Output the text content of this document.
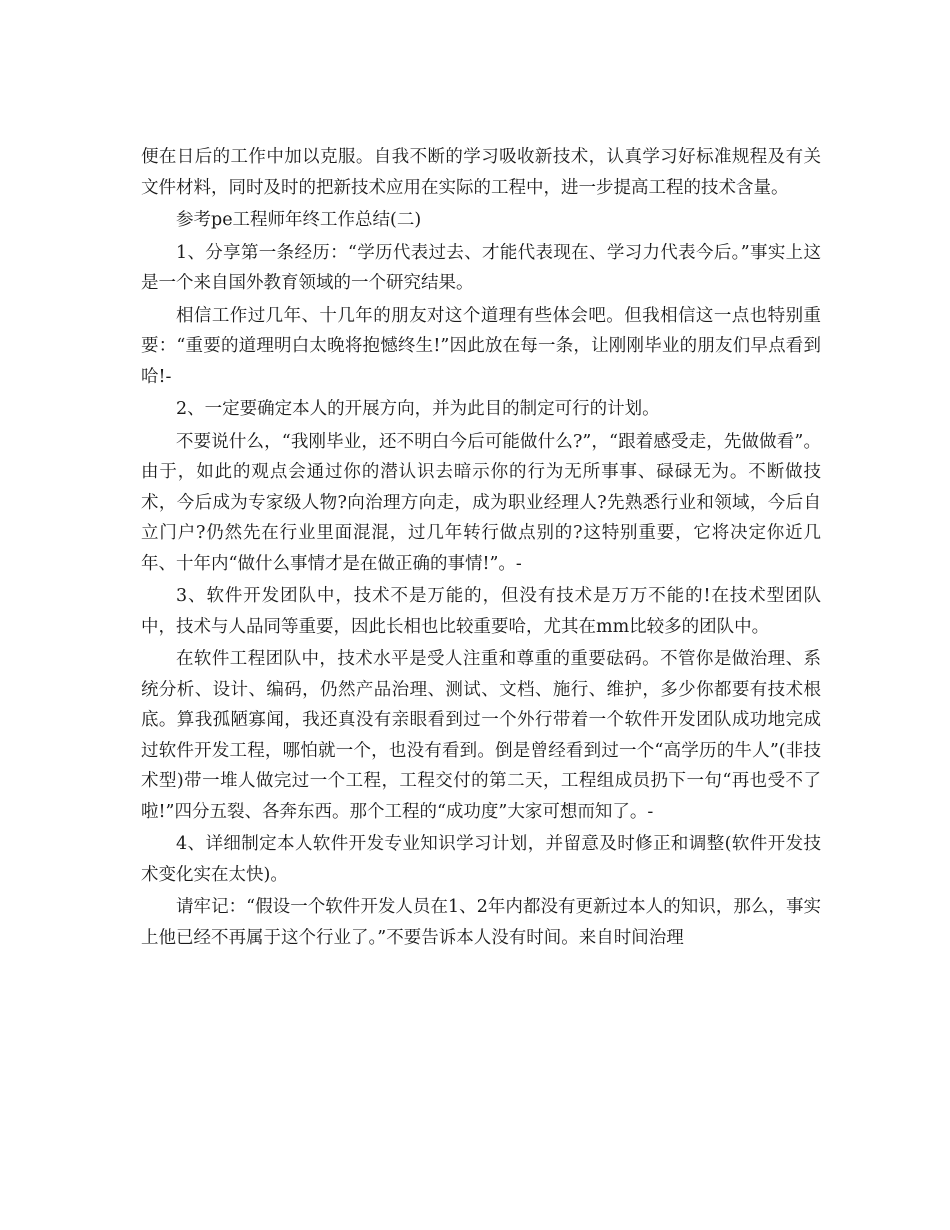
便在日后的工作中加以克服。自我不断的学习吸收新技术，认真学习好标准规程及有关文件材料，同时及时的把新技术应用在实际的工程中，进一步提高工程的技术含量。

参考pe工程师年终工作总结(二)

1、分享第一条经历：“学历代表过去、才能代表现在、学习力代表今后。”事实上这是一个来自国外教育领域的一个研究结果。

相信工作过几年、十几年的朋友对这个道理有些体会吧。但我相信这一点也特别重要：“重要的道理明白太晚将抱憾终生!”因此放在每一条，让刚刚毕业的朋友们早点看到哈!-

2、一定要确定本人的开展方向，并为此目的制定可行的计划。

不要说什么，“我刚毕业，还不明白今后可能做什么?”，“跟着感受走，先做做看”。由于，如此的观点会通过你的潜认识去暗示你的行为无所事事、碌碌无为。不断做技术，今后成为专家级人物?向治理方向走，成为职业经理人?先熟悉行业和领域，今后自立门户?仍然先在行业里面混混，过几年转行做点别的?这特别重要，它将决定你近几年、十年内“做什么事情才是在做正确的事情!”。-

3、软件开发团队中，技术不是万能的，但没有技术是万万不能的!在技术型团队中，技术与人品同等重要，因此长相也比较重要哈，尤其在mm比较多的团队中。

在软件工程团队中，技术水平是受人注重和尊重的重要砝码。不管你是做治理、系统分析、设计、编码，仍然产品治理、测试、文档、施行、维护，多少你都要有技术根底。算我孤陋寡闻，我还真没有亲眼看到过一个外行带着一个软件开发团队成功地完成过软件开发工程，哪怕就一个，也没有看到。倒是曾经看到过一个“高学历的牛人”(非技术型)带一堆人做完过一个工程，工程交付的第二天，工程组成员扔下一句“再也受不了啦!”四分五裂、各奔东西。那个工程的“成功度”大家可想而知了。-

4、详细制定本人软件开发专业知识学习计划，并留意及时修正和调整(软件开发技术变化实在太快)。

请牢记：“假设一个软件开发人员在1、2年内都没有更新过本人的知识，那么，事实上他已经不再属于这个行业了。”不要告诉本人没有时间。来自时间治理
